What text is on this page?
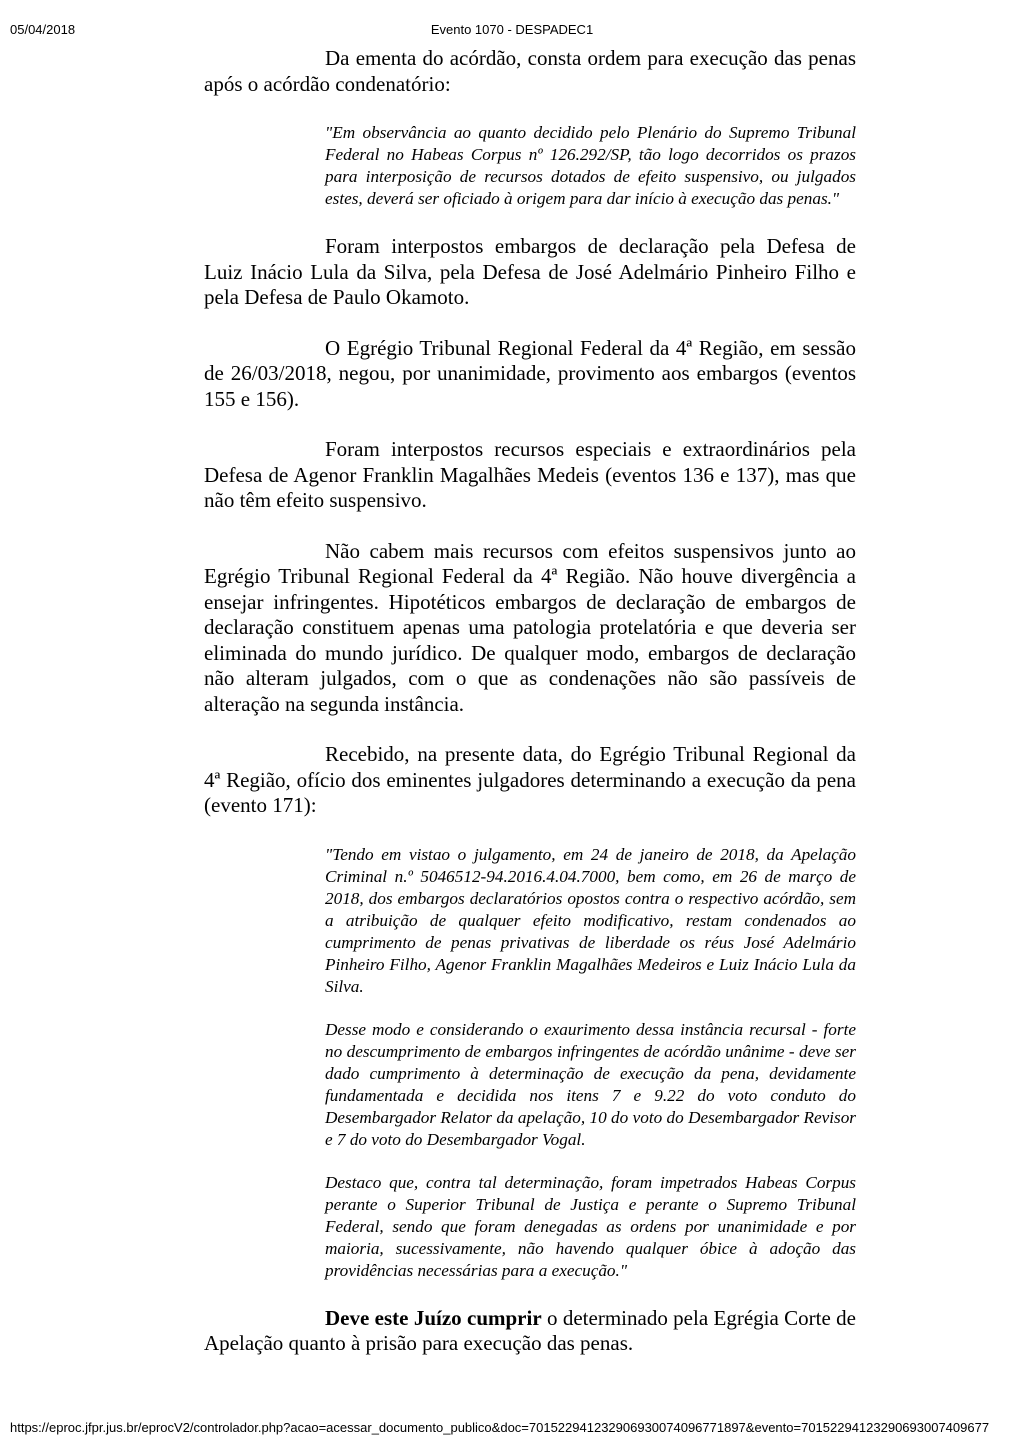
05/04/2018	Evento 1070 - DESPADEC1

Da ementa do acórdão, consta ordem para execução das penas após o acórdão condenatório:

"Em observância ao quanto decidido pelo Plenário do Supremo Tribunal Federal no Habeas Corpus nº 126.292/SP, tão logo decorridos os prazos para interposição de recursos dotados de efeito suspensivo, ou julgados estes, deverá ser oficiado à origem para dar início à execução das penas."

Foram interpostos embargos de declaração pela Defesa de Luiz Inácio Lula da Silva, pela Defesa de José Adelmário Pinheiro Filho e pela Defesa de Paulo Okamoto.

O Egrégio Tribunal Regional Federal da 4ª Região, em sessão de 26/03/2018, negou, por unanimidade, provimento aos embargos (eventos 155 e 156).

Foram interpostos recursos especiais e extraordinários pela Defesa de Agenor Franklin Magalhães Medeis (eventos 136 e 137), mas que não têm efeito suspensivo.

Não cabem mais recursos com efeitos suspensivos junto ao Egrégio Tribunal Regional Federal da 4ª Região. Não houve divergência a ensejar infringentes. Hipotéticos embargos de declaração de embargos de declaração constituem apenas uma patologia protelatória e que deveria ser eliminada do mundo jurídico. De qualquer modo, embargos de declaração não alteram julgados, com o que as condenações não são passíveis de alteração na segunda instância.

Recebido, na presente data, do Egrégio Tribunal Regional da 4ª Região, ofício dos eminentes julgadores determinando a execução da pena (evento 171):

"Tendo em vistao o julgamento, em 24 de janeiro de 2018, da Apelação Criminal n.º 5046512-94.2016.4.04.7000, bem como, em 26 de março de 2018, dos embargos declaratórios opostos contra o respectivo acórdão, sem a atribuição de qualquer efeito modificativo, restam condenados ao cumprimento de penas privativas de liberdade os réus José Adelmário Pinheiro Filho, Agenor Franklin Magalhães Medeiros e Luiz Inácio Lula da Silva.

Desse modo e considerando o exaurimento dessa instância recursal - forte no descumprimento de embargos infringentes de acórdão unânime - deve ser dado cumprimento à determinação de execução da pena, devidamente fundamentada e decidida nos itens 7 e 9.22 do voto conduto do Desembargador Relator da apelação, 10 do voto do Desembargador Revisor e 7 do voto do Desembargador Vogal.

Destaco que, contra tal determinação, foram impetrados Habeas Corpus perante o Superior Tribunal de Justiça e perante o Supremo Tribunal Federal, sendo que foram denegadas as ordens por unanimidade e por maioria, sucessivamente, não havendo qualquer óbice à adoção das providências necessárias para a execução."

Deve este Juízo cumprir o determinado pela Egrégia Corte de Apelação quanto à prisão para execução das penas.

https://eproc.jfpr.jus.br/eprocV2/controlador.php?acao=acessar_documento_publico&doc=701522941232906930074096771897&evento=70152294123290693007409677
